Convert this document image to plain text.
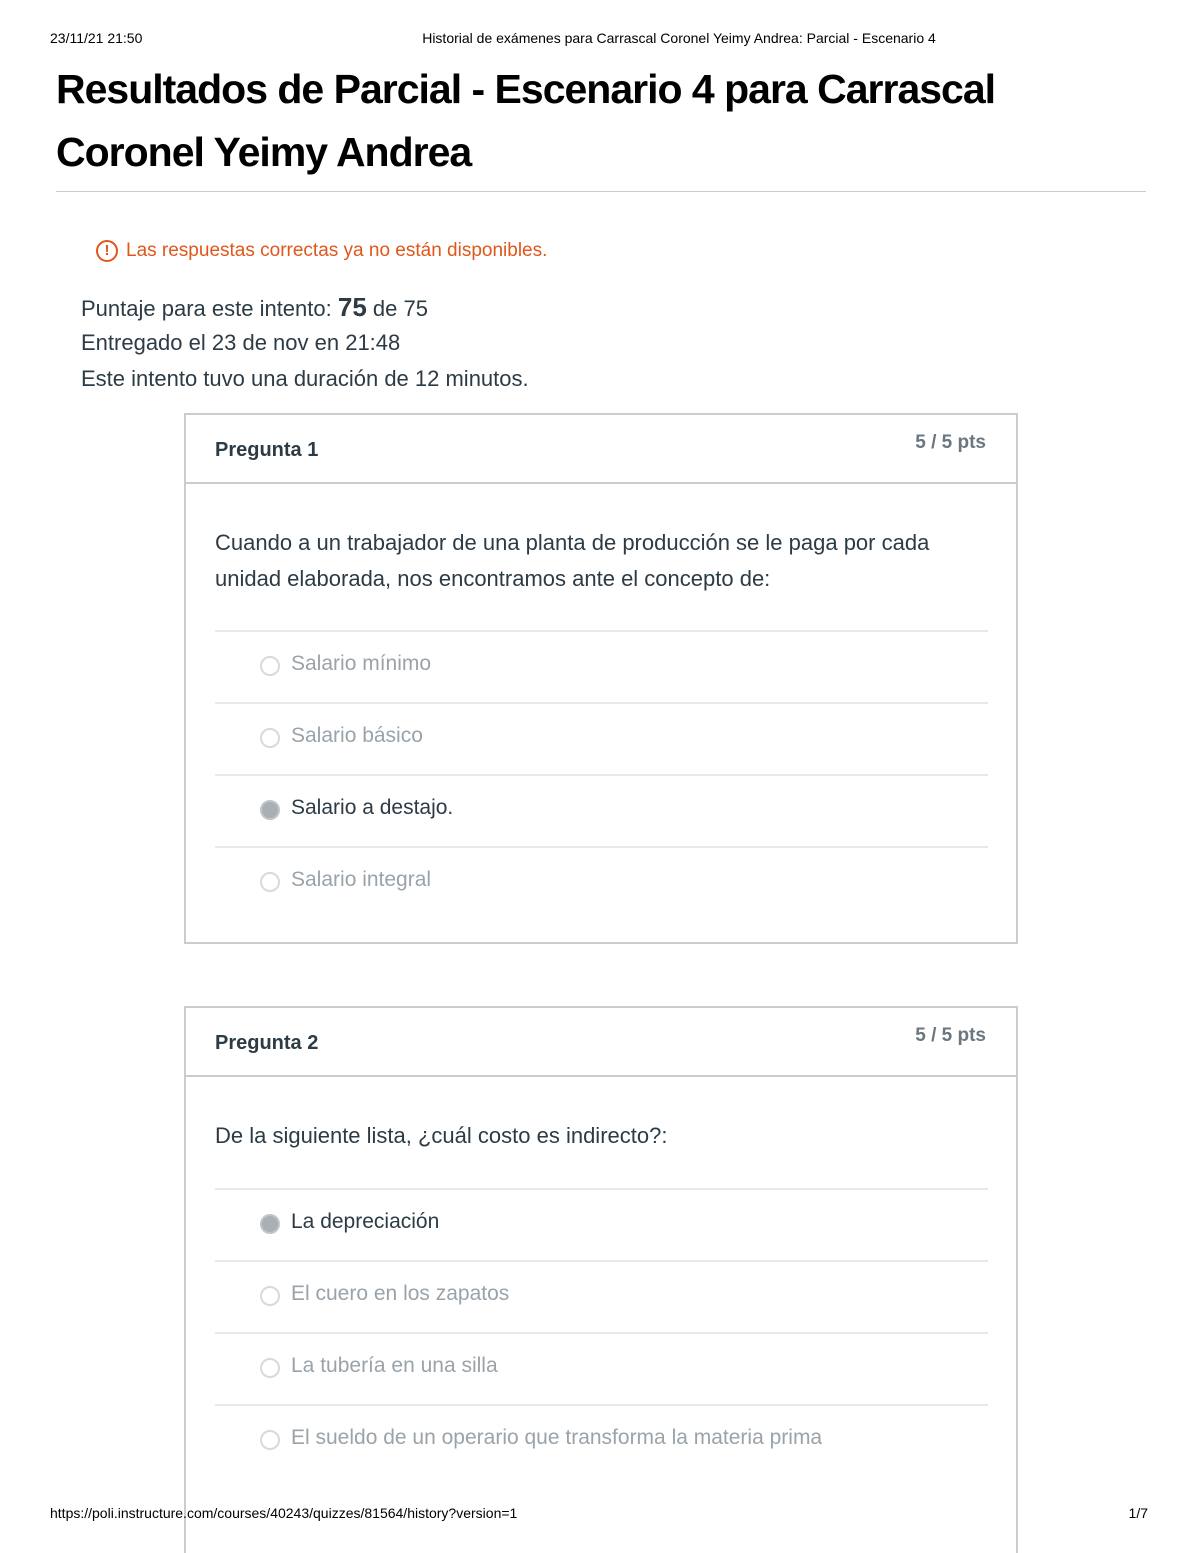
23/11/21 21:50	Historial de exámenes para Carrascal Coronel Yeimy Andrea: Parcial - Escenario 4
Resultados de Parcial - Escenario 4 para Carrascal Coronel Yeimy Andrea
! Las respuestas correctas ya no están disponibles.
Puntaje para este intento: 75 de 75
Entregado el 23 de nov en 21:48
Este intento tuvo una duración de 12 minutos.
Pregunta 1	5 / 5 pts
Cuando a un trabajador de una planta de producción se le paga por cada unidad elaborada, nos encontramos ante el concepto de:
Salario mínimo
Salario básico
Salario a destajo.
Salario integral
Pregunta 2	5 / 5 pts
De la siguiente lista, ¿cuál costo es indirecto?:
La depreciación
El cuero en los zapatos
La tubería en una silla
El sueldo de un operario que transforma la materia prima
https://poli.instructure.com/courses/40243/quizzes/81564/history?version=1	1/7
